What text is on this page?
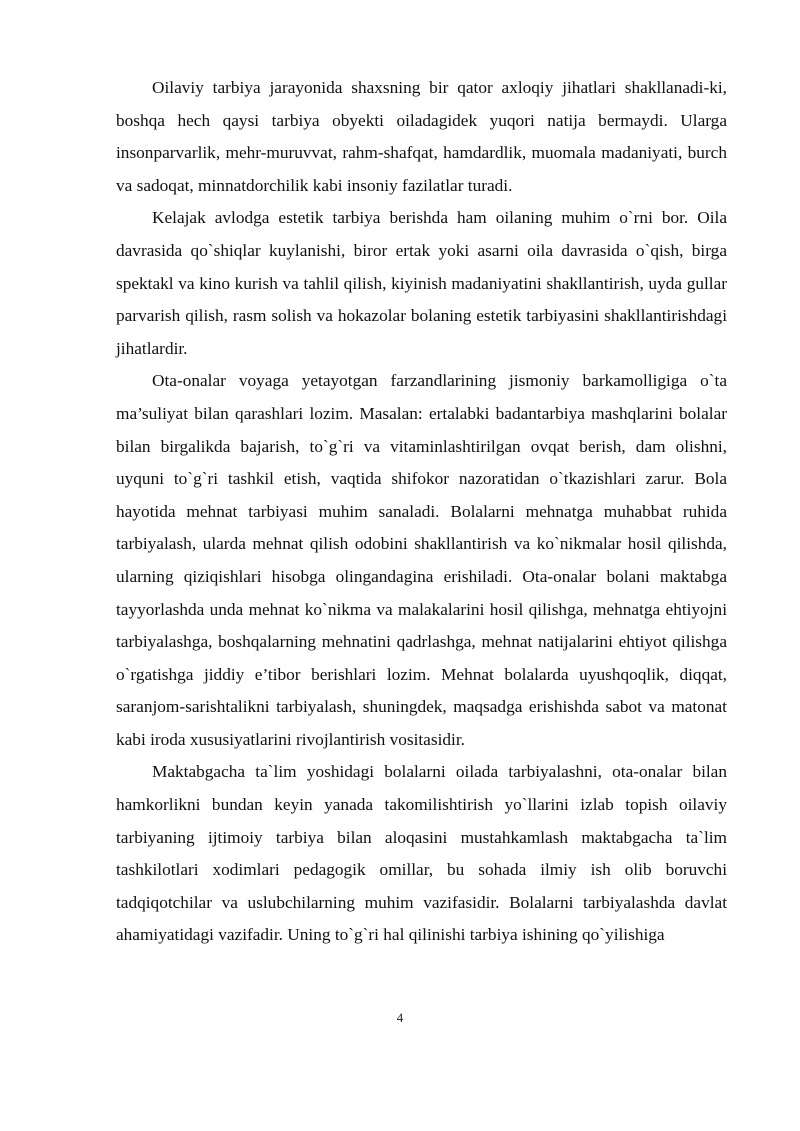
Oilaviy tarbiya jarayonida shaxsning bir qator axloqiy jihatlari shakllanadi-ki, boshqa hech qaysi tarbiya obyekti oiladagidek yuqori natija bermaydi. Ularga insonparvarlik, mehr-muruvvat, rahm-shafqat, hamdardlik, muomala madaniyati, burch va sadoqat, minnatdorchilik kabi insoniy fazilatlar turadi.

Kelajak avlodga estetik tarbiya berishda ham oilaning muhim o`rni bor. Oila davrasida qo`shiqlar kuylanishi, biror ertak yoki asarni oila davrasida o`qish, birga spektakl va kino kurish va tahlil qilish, kiyinish madaniyatini shakllantirish, uyda gullar parvarish qilish, rasm solish va hokazolar bolaning estetik tarbiyasini shakllantirishdagi jihatlardir.

Ota-onalar voyaga yetayotgan farzandlarining jismoniy barkamolligiga o`ta ma’suliyat bilan qarashlari lozim. Masalan: ertalabki badantarbiya mashqlarini bolalar bilan birgalikda bajarish, to`g`ri va vitaminlashtirilgan ovqat berish, dam olishni, uyquni to`g`ri tashkil etish, vaqtida shifokor nazoratidan o`tkazishlari zarur. Bola hayotida mehnat tarbiyasi muhim sanaladi. Bolalarni mehnatga muhabbat ruhida tarbiyalash, ularda mehnat qilish odobini shakllantirish va ko`nikmalar hosil qilishda, ularning qiziqishlari hisobga olingandagina erishiladi. Ota-onalar bolani maktabga tayyorlashda unda mehnat ko`nikma va malakalarini hosil qilishga, mehnatga ehtiyojni tarbiyalashga, boshqalarning mehnatini qadrlashga, mehnat natijalarini ehtiyot qilishga o`rgatishga jiddiy e’tibor berishlari lozim. Mehnat bolalarda uyushqoqlik, diqqat, saranjom-sarishtalikni tarbiyalash, shuningdek, maqsadga erishishda sabot va matonat kabi iroda xususiyatlarini rivojlantirish vositasidir.

Maktabgacha ta`lim yoshidagi bolalarni oilada tarbiyalashni, ota-onalar bilan hamkorlikni bundan keyin yanada takomilishtirish yo`llarini izlab topish oilaviy tarbiyaning ijtimoiy tarbiya bilan aloqasini mustahkamlash maktabgacha ta`lim tashkilotlari xodimlari pedagogik omillar, bu sohada ilmiy ish olib boruvchi tadqiqotchilar va uslubchilarning muhim vazifasidir. Bolalarni tarbiyalashda davlat ahamiyatidagi vazifadir. Uning to`g`ri hal qilinishi tarbiya ishining qo`yilishiga

4
